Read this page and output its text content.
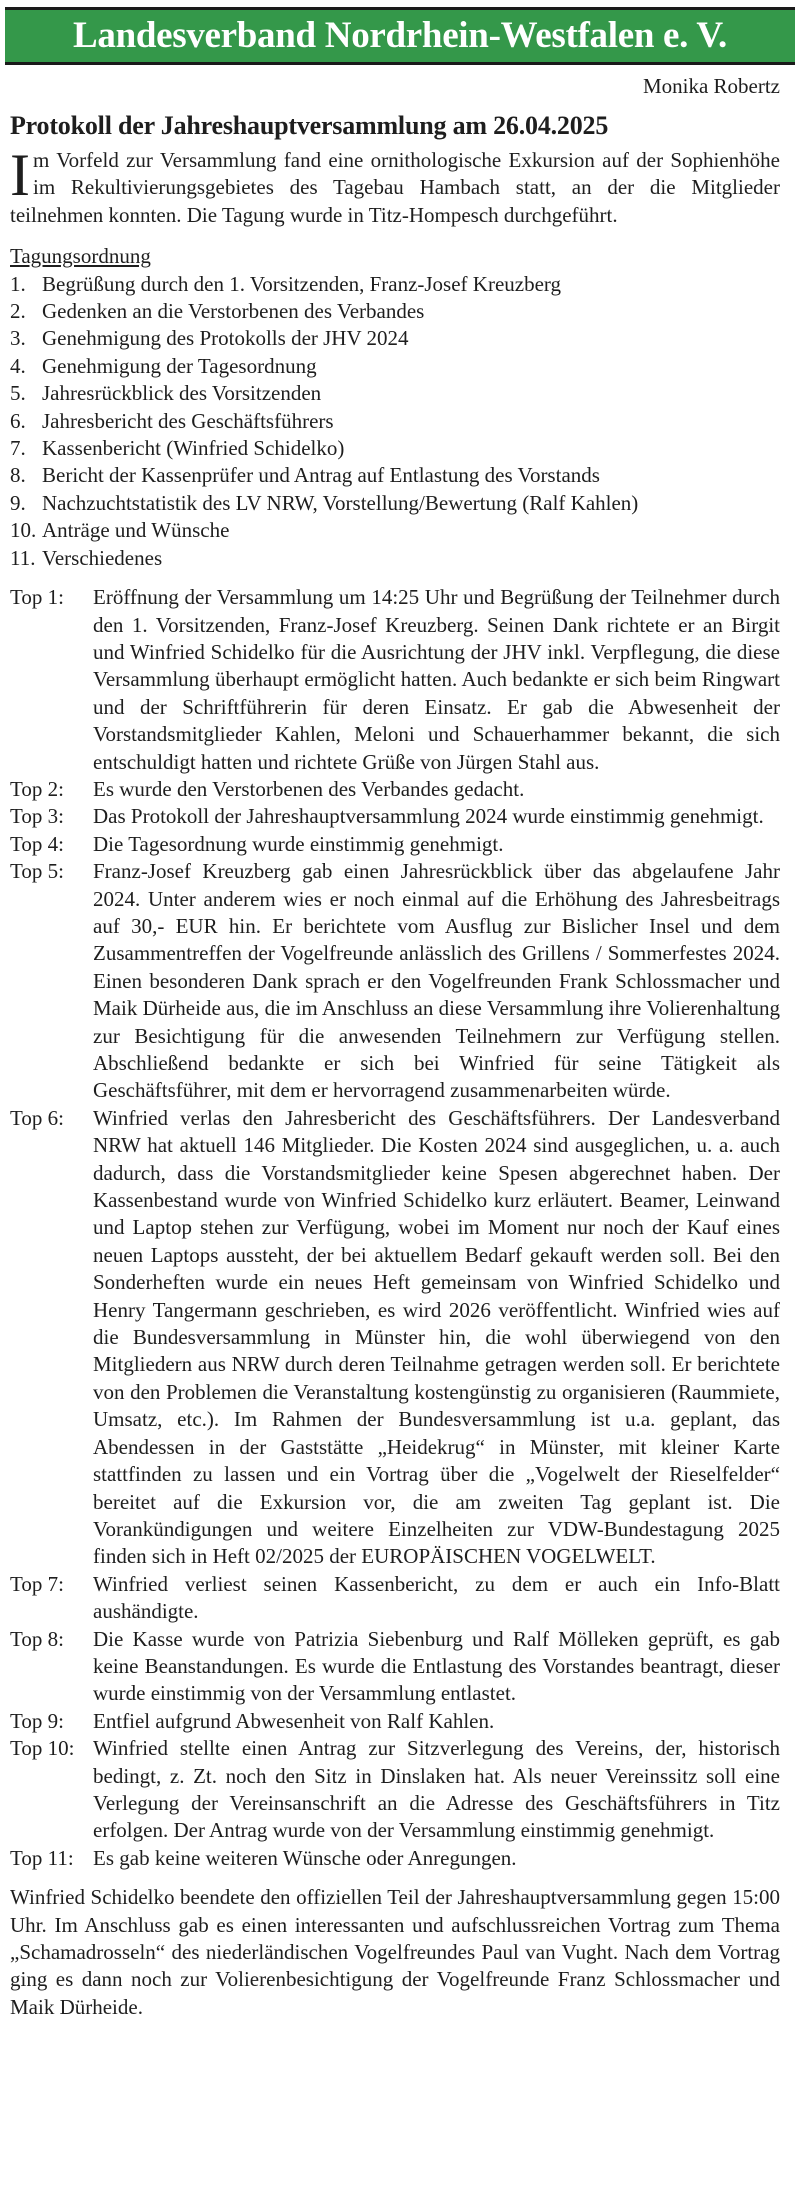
Landesverband Nordrhein-Westfalen e. V.
Monika Robertz
Protokoll der Jahreshauptversammlung am 26.04.2025
Im Vorfeld zur Versammlung fand eine ornithologische Exkursion auf der Sophienhöhe im Rekultivierungsgebietes des Tagebau Hambach statt, an der die Mitglieder teilnehmen konnten. Die Tagung wurde in Titz-Hompesch durchgeführt.
Tagungsordnung
1. Begrüßung durch den 1. Vorsitzenden, Franz-Josef Kreuzberg
2. Gedenken an die Verstorbenen des Verbandes
3. Genehmigung des Protokolls der JHV 2024
4. Genehmigung der Tagesordnung
5. Jahresrückblick des Vorsitzenden
6. Jahresbericht des Geschäftsführers
7. Kassenbericht (Winfried Schidelko)
8. Bericht der Kassenprüfer und Antrag auf Entlastung des Vorstands
9. Nachzuchtstatistik des LV NRW, Vorstellung/Bewertung (Ralf Kahlen)
10. Anträge und Wünsche
11. Verschiedenes
Top 1:	Eröffnung der Versammlung um 14:25 Uhr und Begrüßung der Teilnehmer durch den 1. Vorsitzenden, Franz-Josef Kreuzberg. Seinen Dank richtete er an Birgit und Winfried Schidelko für die Ausrichtung der JHV inkl. Verpflegung, die diese Versammlung überhaupt ermöglicht hatten. Auch bedankte er sich beim Ringwart und der Schriftführerin für deren Einsatz. Er gab die Abwesenheit der Vorstandsmitglieder Kahlen, Meloni und Schauerhammer bekannt, die sich entschuldigt hatten und richtete Grüße von Jürgen Stahl aus.
Top 2:	Es wurde den Verstorbenen des Verbandes gedacht.
Top 3:	Das Protokoll der Jahreshauptversammlung 2024 wurde einstimmig genehmigt.
Top 4:	Die Tagesordnung wurde einstimmig genehmigt.
Top 5:	Franz-Josef Kreuzberg gab einen Jahresrückblick über das abgelaufene Jahr 2024. Unter anderem wies er noch einmal auf die Erhöhung des Jahresbeitrags auf 30,- EUR hin. Er berichtete vom Ausflug zur Bislicher Insel und dem Zusammentreffen der Vogelfreunde anlässlich des Grillens / Sommerfestes 2024. Einen besonderen Dank sprach er den Vogelfreunden Frank Schlossmacher und Maik Dürheide aus, die im Anschluss an diese Versammlung ihre Volierenhaltung zur Besichtigung für die anwesenden Teilnehmern zur Verfügung stellen. Abschließend bedankte er sich bei Winfried für seine Tätigkeit als Geschäftsführer, mit dem er hervorragend zusammenarbeiten würde.
Top 6:	Winfried verlas den Jahresbericht des Geschäftsführers. Der Landesverband NRW hat aktuell 146 Mitglieder. Die Kosten 2024 sind ausgeglichen, u. a. auch dadurch, dass die Vorstandsmitglieder keine Spesen abgerechnet haben. Der Kassenbestand wurde von Winfried Schidelko kurz erläutert. Beamer, Leinwand und Laptop stehen zur Verfügung, wobei im Moment nur noch der Kauf eines neuen Laptops aussteht, der bei aktuellem Bedarf gekauft werden soll. Bei den Sonderheften wurde ein neues Heft gemeinsam von Winfried Schidelko und Henry Tangermann geschrieben, es wird 2026 veröffentlicht. Winfried wies auf die Bundesversammlung in Münster hin, die wohl überwiegend von den Mitgliedern aus NRW durch deren Teilnahme getragen werden soll. Er berichtete von den Problemen die Veranstaltung kostengünstig zu organisieren (Raummiete, Umsatz, etc.). Im Rahmen der Bundesversammlung ist u.a. geplant, das Abendessen in der Gaststätte „Heidekrug“ in Münster, mit kleiner Karte stattfinden zu lassen und ein Vortrag über die „Vogelwelt der Rieselfelder“ bereitet auf die Exkursion vor, die am zweiten Tag geplant ist. Die Vorankündigungen und weitere Einzelheiten zur VDW-Bundestagung 2025 finden sich in Heft 02/2025 der EUROPÄISCHEN VOGELWELT.
Top 7:	Winfried verliest seinen Kassenbericht, zu dem er auch ein Info-Blatt aushändigte.
Top 8:	Die Kasse wurde von Patrizia Siebenburg und Ralf Mölleken geprüft, es gab keine Beanstandungen. Es wurde die Entlastung des Vorstandes beantragt, dieser wurde einstimmig von der Versammlung entlastet.
Top 9:	Entfiel aufgrund Abwesenheit von Ralf Kahlen.
Top 10: Winfried stellte einen Antrag zur Sitzverlegung des Vereins, der, historisch bedingt, z. Zt. noch den Sitz in Dinslaken hat. Als neuer Vereinssitz soll eine Verlegung der Vereinsanschrift an die Adresse des Geschäftsführers in Titz erfolgen. Der Antrag wurde von der Versammlung einstimmig genehmigt.
Top 11: Es gab keine weiteren Wünsche oder Anregungen.
Winfried Schidelko beendete den offiziellen Teil der Jahreshauptversammlung gegen 15:00 Uhr. Im Anschluss gab es einen interessanten und aufschlussreichen Vortrag zum Thema „Schamadrosseln“ des niederländischen Vogelfreundes Paul van Vught. Nach dem Vortrag ging es dann noch zur Volierenbesichtigung der Vogelfreunde Franz Schlossmacher und Maik Dürheide.
